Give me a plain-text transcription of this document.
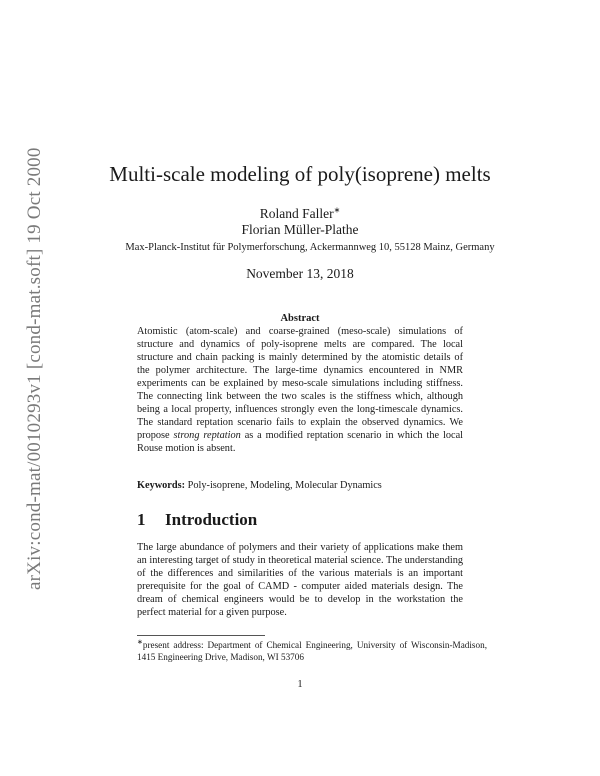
arXiv:cond-mat/0010293v1 [cond-mat.soft] 19 Oct 2000	Multi-scale modeling of poly(isoprene) melts
Roland Faller∗
Florian Müller-Plathe
Max-Planck-Institut für Polymerforschung, Ackermannweg 10, 55128 Mainz, Germany
November 13, 2018
Abstract

Atomistic (atom-scale) and coarse-grained (meso-scale) simulations of structure and dynamics of poly-isoprene melts are compared. The local structure and chain packing is mainly determined by the atomistic details of the polymer architecture. The large-time dynamics encountered in NMR experiments can be explained by meso-scale simulations including stiffness. The connecting link between the two scales is the stiffness which, although being a local property, influences strongly even the long-timescale dynamics. The standard reptation scenario fails to explain the observed dynamics. We propose strong reptation as a modified reptation scenario in which the local Rouse motion is absent.

Keywords: Poly-isoprene, Modeling, Molecular Dynamics
1 Introduction

The large abundance of polymers and their variety of applications make them an interesting target of study in theoretical material science. The understanding of the differences and similarities of the various materials is an important prerequisite for the goal of CAMD - computer aided materials design. The dream of chemical engineers would be to develop in the workstation the perfect material for a given purpose.

∗present address: Department of Chemical Engineering, University of Wisconsin-Madison, 1415 Engineering Drive, Madison, WI 53706

1
